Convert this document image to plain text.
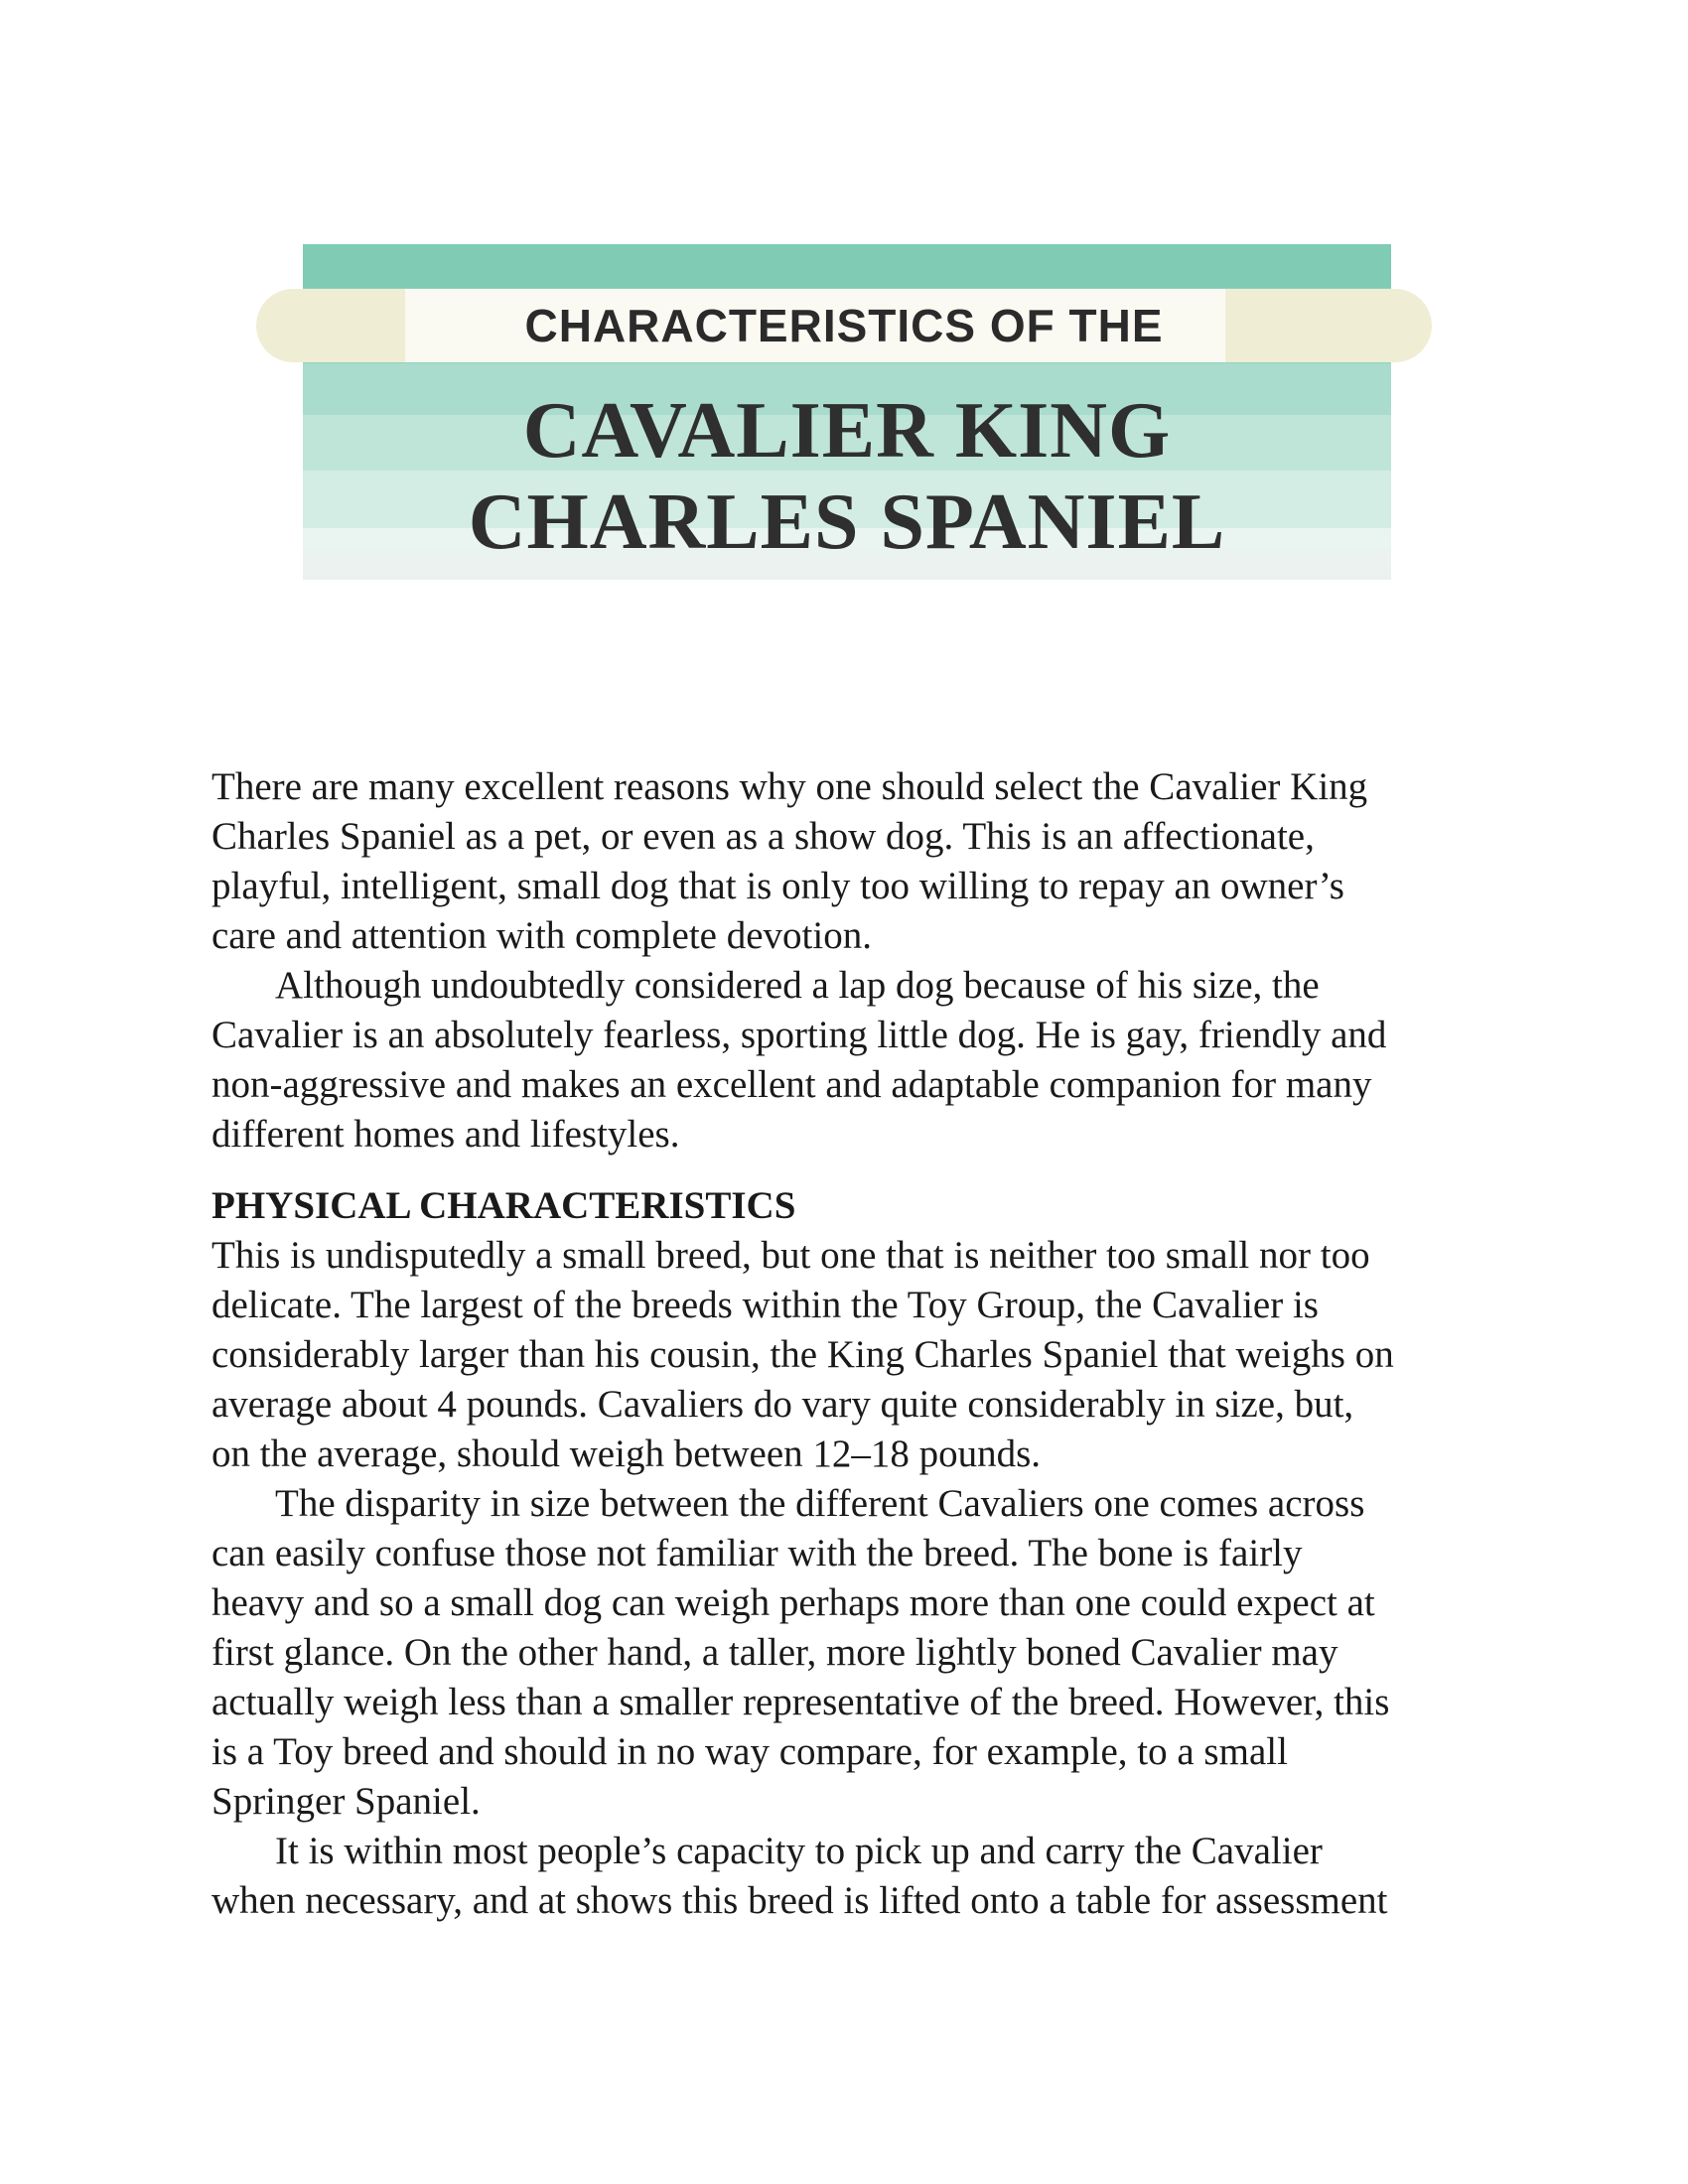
CHARACTERISTICS OF THE
CAVALIER KING
CHARLES SPANIEL

There are many excellent reasons why one should select the Cavalier King
Charles Spaniel as a pet, or even as a show dog. This is an affectionate,
playful, intelligent, small dog that is only too willing to repay an owner’s
care and attention with complete devotion.

Although undoubtedly considered a lap dog because of his size, the
Cavalier is an absolutely fearless, sporting little dog. He is gay, friendly and
non-aggressive and makes an excellent and adaptable companion for many
different homes and lifestyles.

PHYSICAL CHARACTERISTICS

This is undisputedly a small breed, but one that is neither too small nor too
delicate. The largest of the breeds within the Toy Group, the Cavalier is
considerably larger than his cousin, the King Charles Spaniel that weighs on
average about 4 pounds. Cavaliers do vary quite considerably in size, but,
on the average, should weigh between 12–18 pounds.

The disparity in size between the different Cavaliers one comes across
can easily confuse those not familiar with the breed. The bone is fairly
heavy and so a small dog can weigh perhaps more than one could expect at
first glance. On the other hand, a taller, more lightly boned Cavalier may
actually weigh less than a smaller representative of the breed. However, this
is a Toy breed and should in no way compare, for example, to a small
Springer Spaniel.

It is within most people’s capacity to pick up and carry the Cavalier
when necessary, and at shows this breed is lifted onto a table for assessment
